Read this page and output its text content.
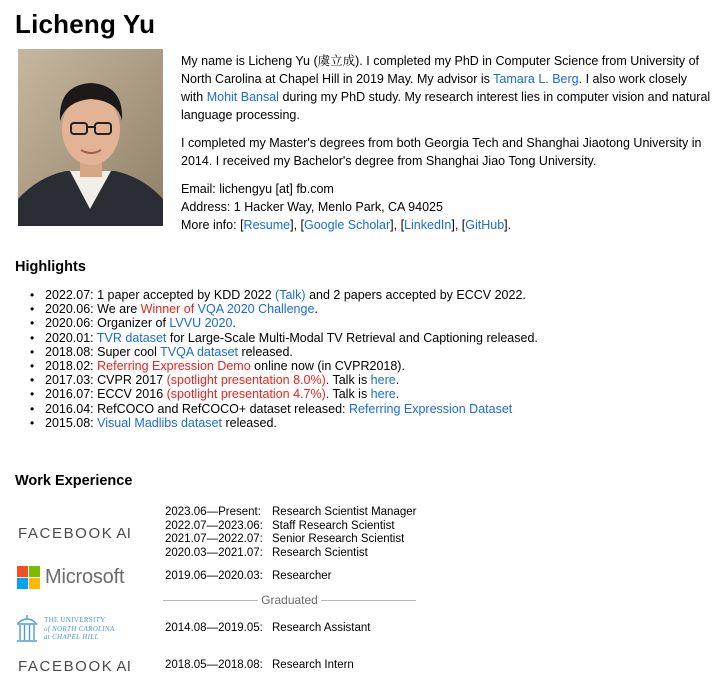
Licheng Yu

My name is Licheng Yu (虞立成). I completed my PhD in Computer Science from University of North Carolina at Chapel Hill in 2019 May. My advisor is Tamara L. Berg. I also work closely with Mohit Bansal during my PhD study. My research interest lies in computer vision and natural language processing.

I completed my Master's degrees from both Georgia Tech and Shanghai Jiaotong University in 2014. I received my Bachelor's degree from Shanghai Jiao Tong University.

Email: lichengyu [at] fb.com
Address: 1 Hacker Way, Menlo Park, CA 94025
More info: [Resume], [Google Scholar], [LinkedIn], [GitHub].
Highlights
• 2022.07: 1 paper accepted by KDD 2022 (Talk) and 2 papers accepted by ECCV 2022.
• 2020.06: We are Winner of VQA 2020 Challenge.
• 2020.06: Organizer of LVVU 2020.
• 2020.01: TVR dataset for Large-Scale Multi-Modal TV Retrieval and Captioning released.
• 2018.08: Super cool TVQA dataset released.
• 2018.02: Referring Expression Demo online now (in CVPR2018).
• 2017.03: CVPR 2017 (spotlight presentation 8.0%). Talk is here.
• 2016.07: ECCV 2016 (spotlight presentation 4.7%). Talk is here.
• 2016.04: RefCOCO and RefCOCO+ dataset released: Referring Expression Dataset
• 2015.08: Visual Madlibs dataset released.
Work Experience
FACEBOOK AI
Microsoft
THE UNIVERSITY
of NORTH CAROLINA
at CHAPEL HILL
FACEBOOK AI
2023.06—Present: Research Scientist Manager
2022.07—2023.06: Staff Research Scientist
2021.07—2022.07: Senior Research Scientist
2020.03—2021.07: Research Scientist
2019.06—2020.03: Researcher
2014.08—2019.05: Research Assistant
2018.05—2018.08: Research Intern
Graduated
